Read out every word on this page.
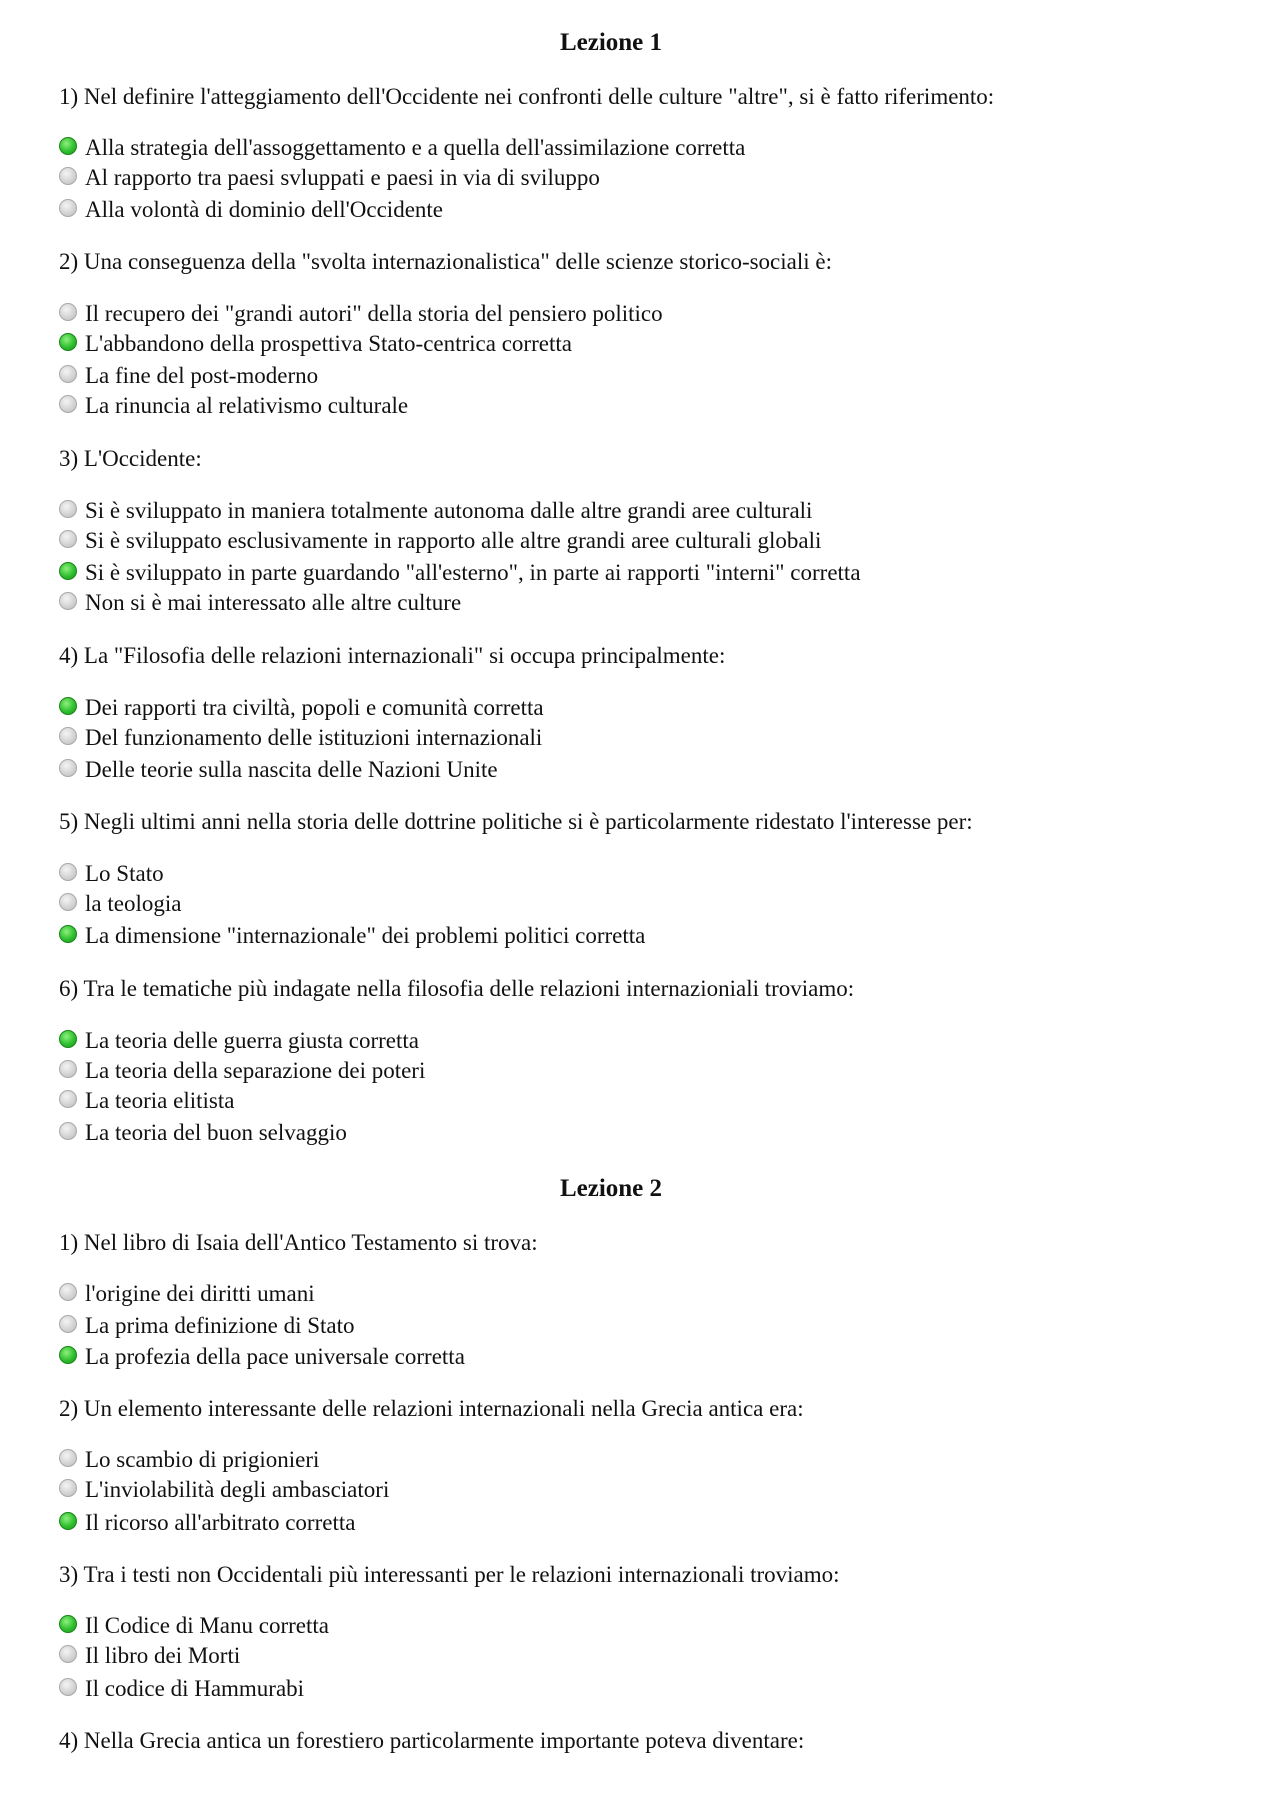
Lezione 1
1) Nel definire l'atteggiamento dell'Occidente nei confronti delle culture "altre", si è fatto riferimento:
Alla strategia dell'assoggettamento e a quella dell'assimilazione corretta
Al rapporto tra paesi svluppati e paesi in via di sviluppo
Alla volontà di dominio dell'Occidente
2) Una conseguenza della "svolta internazionalistica" delle scienze storico-sociali è:
Il recupero dei "grandi autori" della storia del pensiero politico
L'abbandono della prospettiva Stato-centrica corretta
La fine del post-moderno
La rinuncia al relativismo culturale
3) L'Occidente:
Si è sviluppato in maniera totalmente autonoma dalle altre grandi aree culturali
Si è sviluppato esclusivamente in rapporto alle altre grandi aree culturali globali
Si è sviluppato in parte guardando "all'esterno", in parte ai rapporti "interni" corretta
Non si è mai interessato alle altre culture
4) La "Filosofia delle relazioni internazionali" si occupa principalmente:
Dei rapporti tra civiltà, popoli e comunità corretta
Del funzionamento delle istituzioni internazionali
Delle teorie sulla nascita delle Nazioni Unite
5) Negli ultimi anni nella storia delle dottrine politiche si è particolarmente ridestato l'interesse per:
Lo Stato
la teologia
La dimensione "internazionale" dei problemi politici corretta
6) Tra le tematiche più indagate nella filosofia delle relazioni internazioniali troviamo:
La teoria delle guerra giusta corretta
La teoria della separazione dei poteri
La teoria elitista
La teoria del buon selvaggio
Lezione 2
1) Nel libro di Isaia dell'Antico Testamento si trova:
l'origine dei diritti umani
La prima definizione di Stato
La profezia della pace universale corretta
2) Un elemento interessante delle relazioni internazionali nella Grecia antica era:
Lo scambio di prigionieri
L'inviolabilità degli ambasciatori
Il ricorso all'arbitrato corretta
3) Tra i testi non Occidentali più interessanti per le relazioni internazionali troviamo:
Il Codice di Manu corretta
Il libro dei Morti
Il codice di Hammurabi
4) Nella Grecia antica un forestiero particolarmente importante poteva diventare:
